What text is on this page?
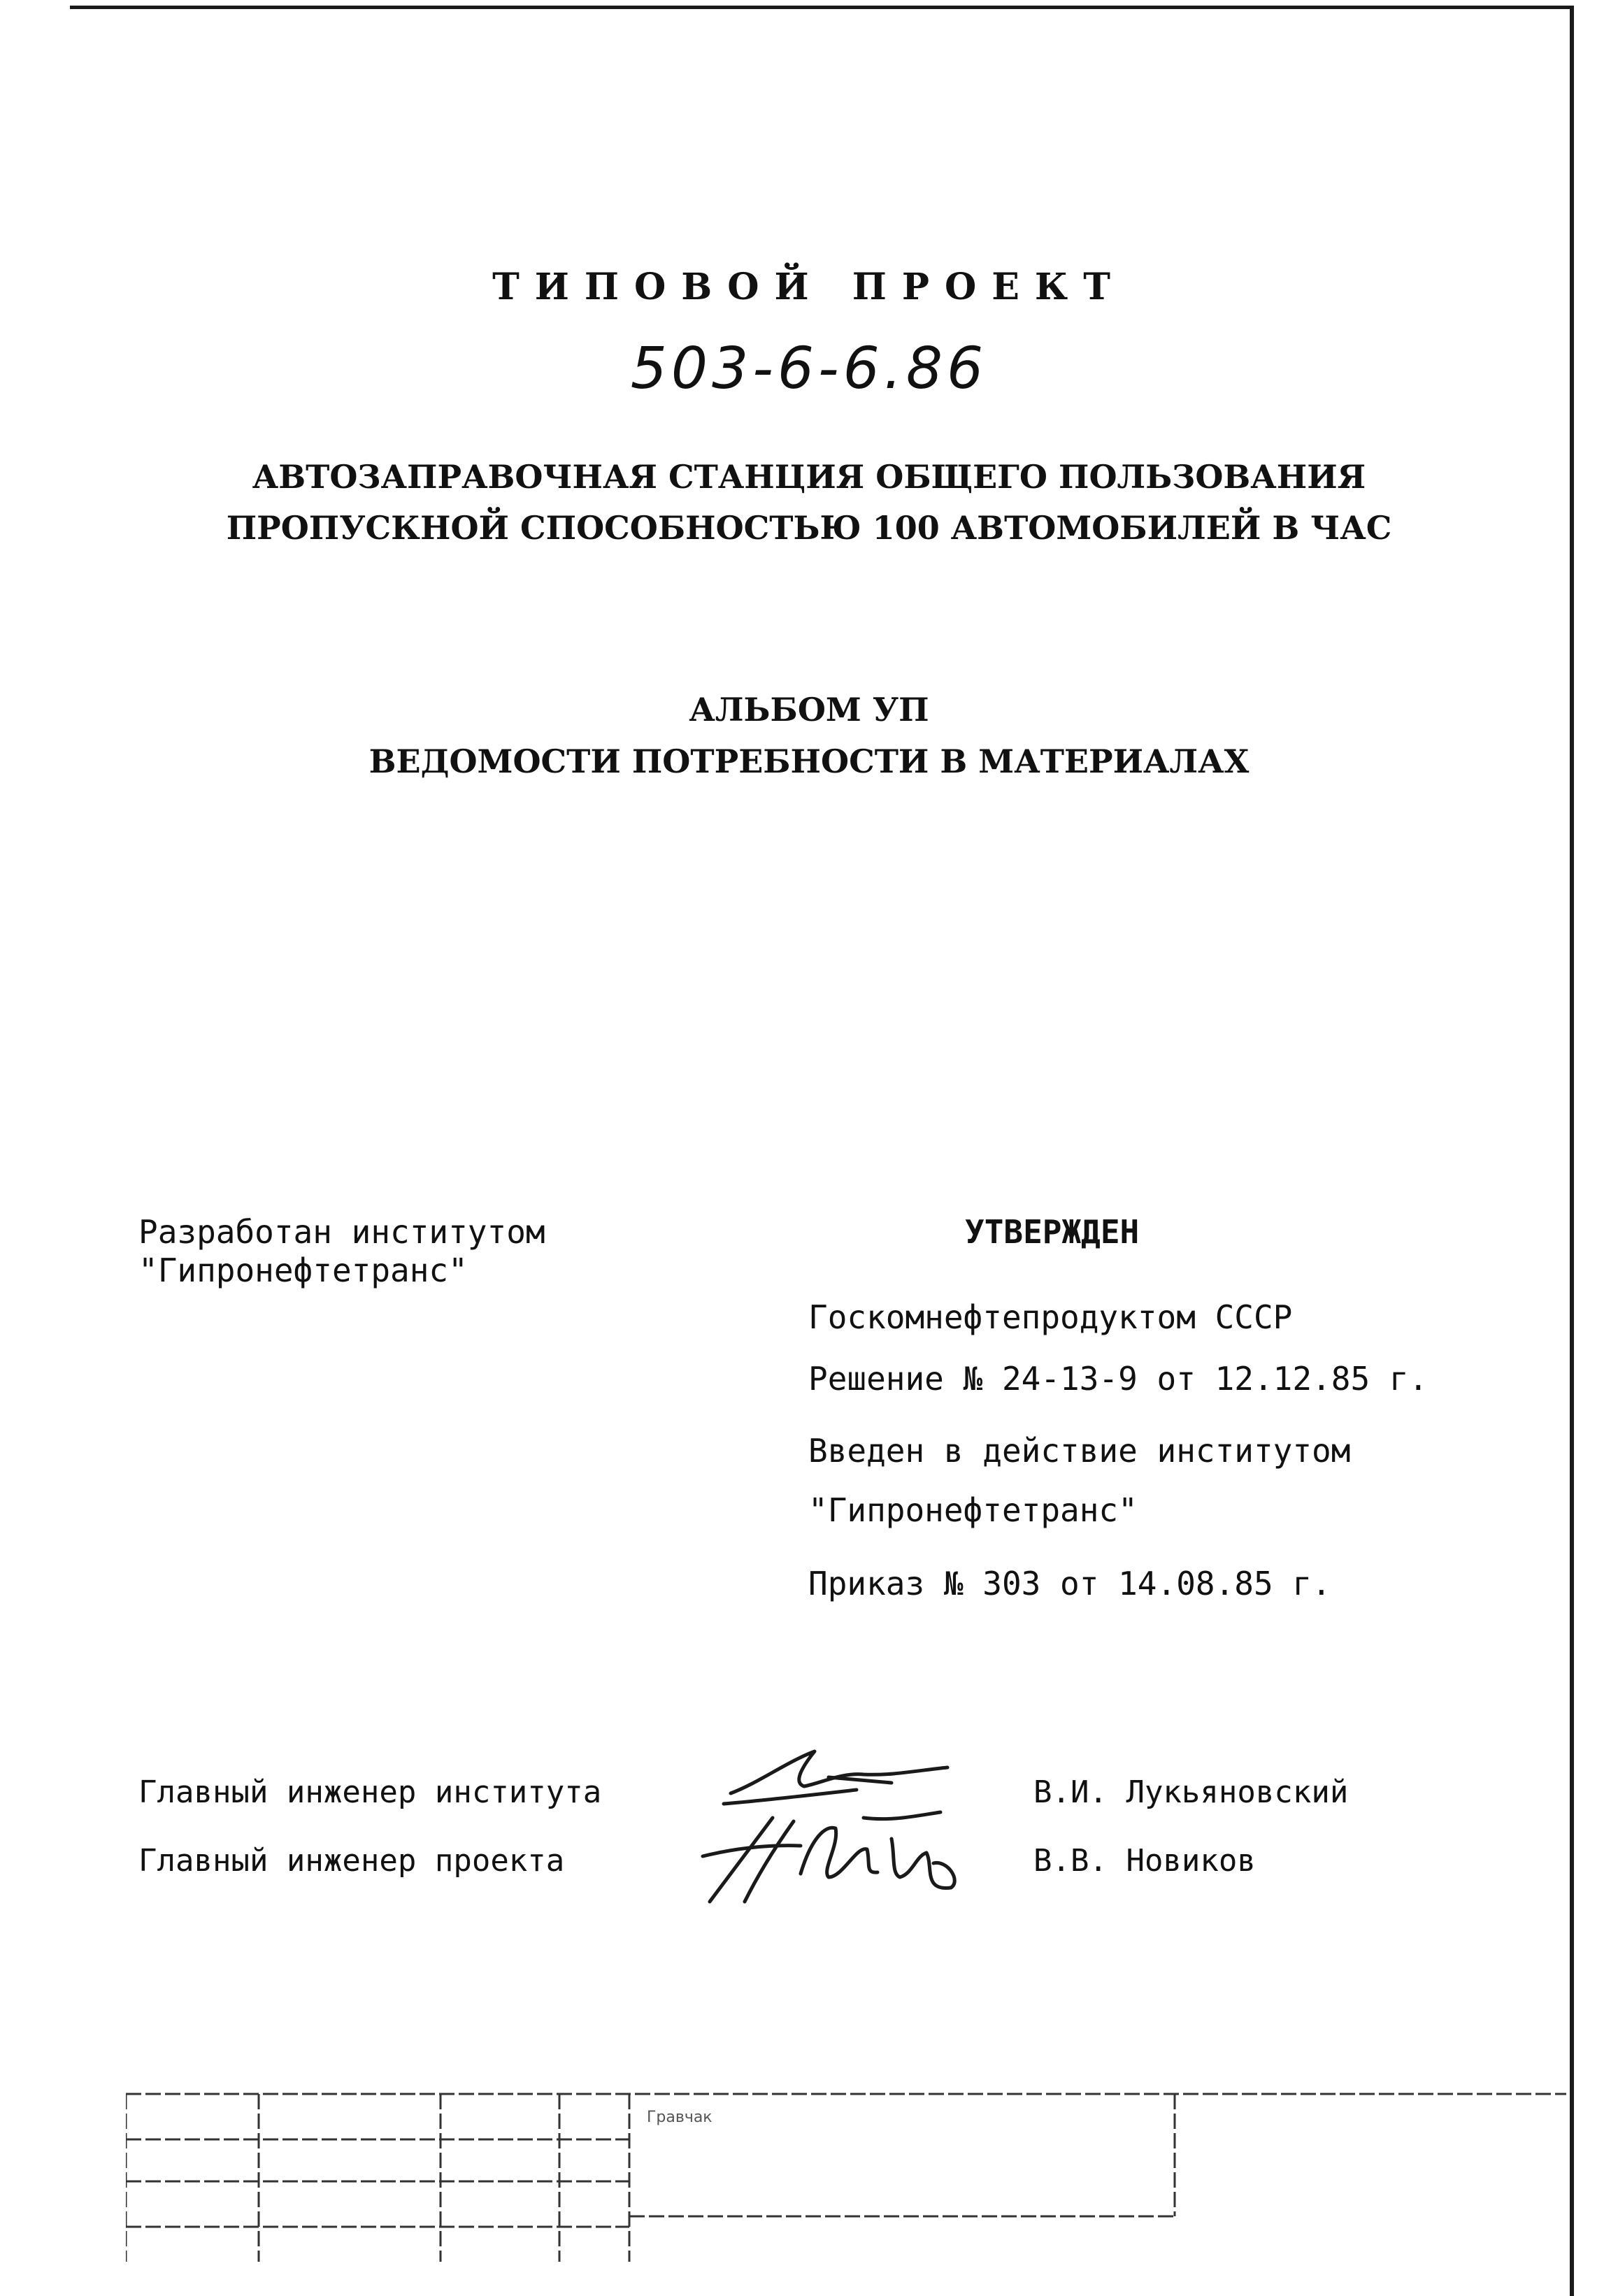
ТИПОВОЙ ПРОЕКТ
503-6-6.86
АВТОЗАПРАВОЧНАЯ СТАНЦИЯ ОБЩЕГО ПОЛЬЗОВАНИЯ
ПРОПУСКНОЙ СПОСОБНОСТЬЮ 100 АВТОМОБИЛЕЙ В ЧАС
АЛЬБОМ УП
ВЕДОМОСТИ ПОТРЕБНОСТИ В МАТЕРИАЛАХ
Разработан институтом
"Гипронефтетранс"
УТВЕРЖДЕН
Госкомнефтепродуктом СССР
Решение № 24-13-9 от 12.12.85 г.
Введен в действие институтом
"Гипронефтетранс"
Приказ № 303 от 14.08.85 г.
Главный инженер института
Главный инженер проекта
В.И. Лукьяновский
В.В. Новиков
Гравчак
